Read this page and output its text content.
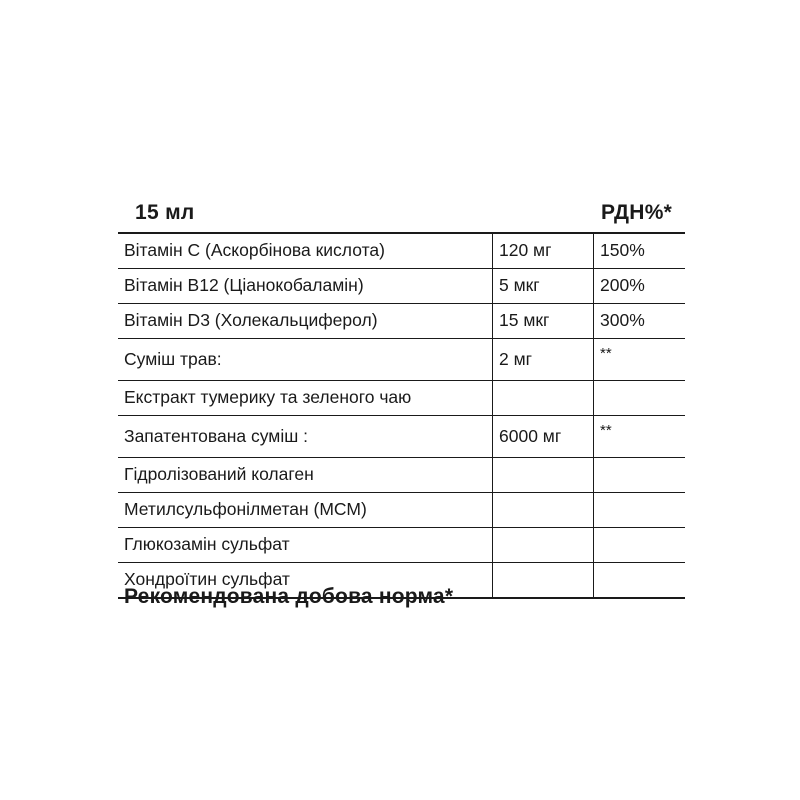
15 мл	РДН%*
Вітамін С (Аскорбінова кислота)	120 мг	150%
Вітамін В12 (Ціанокобаламін)	5 мкг	200%
Вітамін D3 (Холекальциферол)	15 мкг	300%
Суміш трав:	2 мг	**
Екстракт тумерику та зеленого чаю		
Запатентована суміш :	6000 мг	**
Гідролізований колаген		
Метилсульфонілметан (МСМ)		
Глюкозамін сульфат		
Хондроїтин сульфат		
Рекомендована добова норма*
